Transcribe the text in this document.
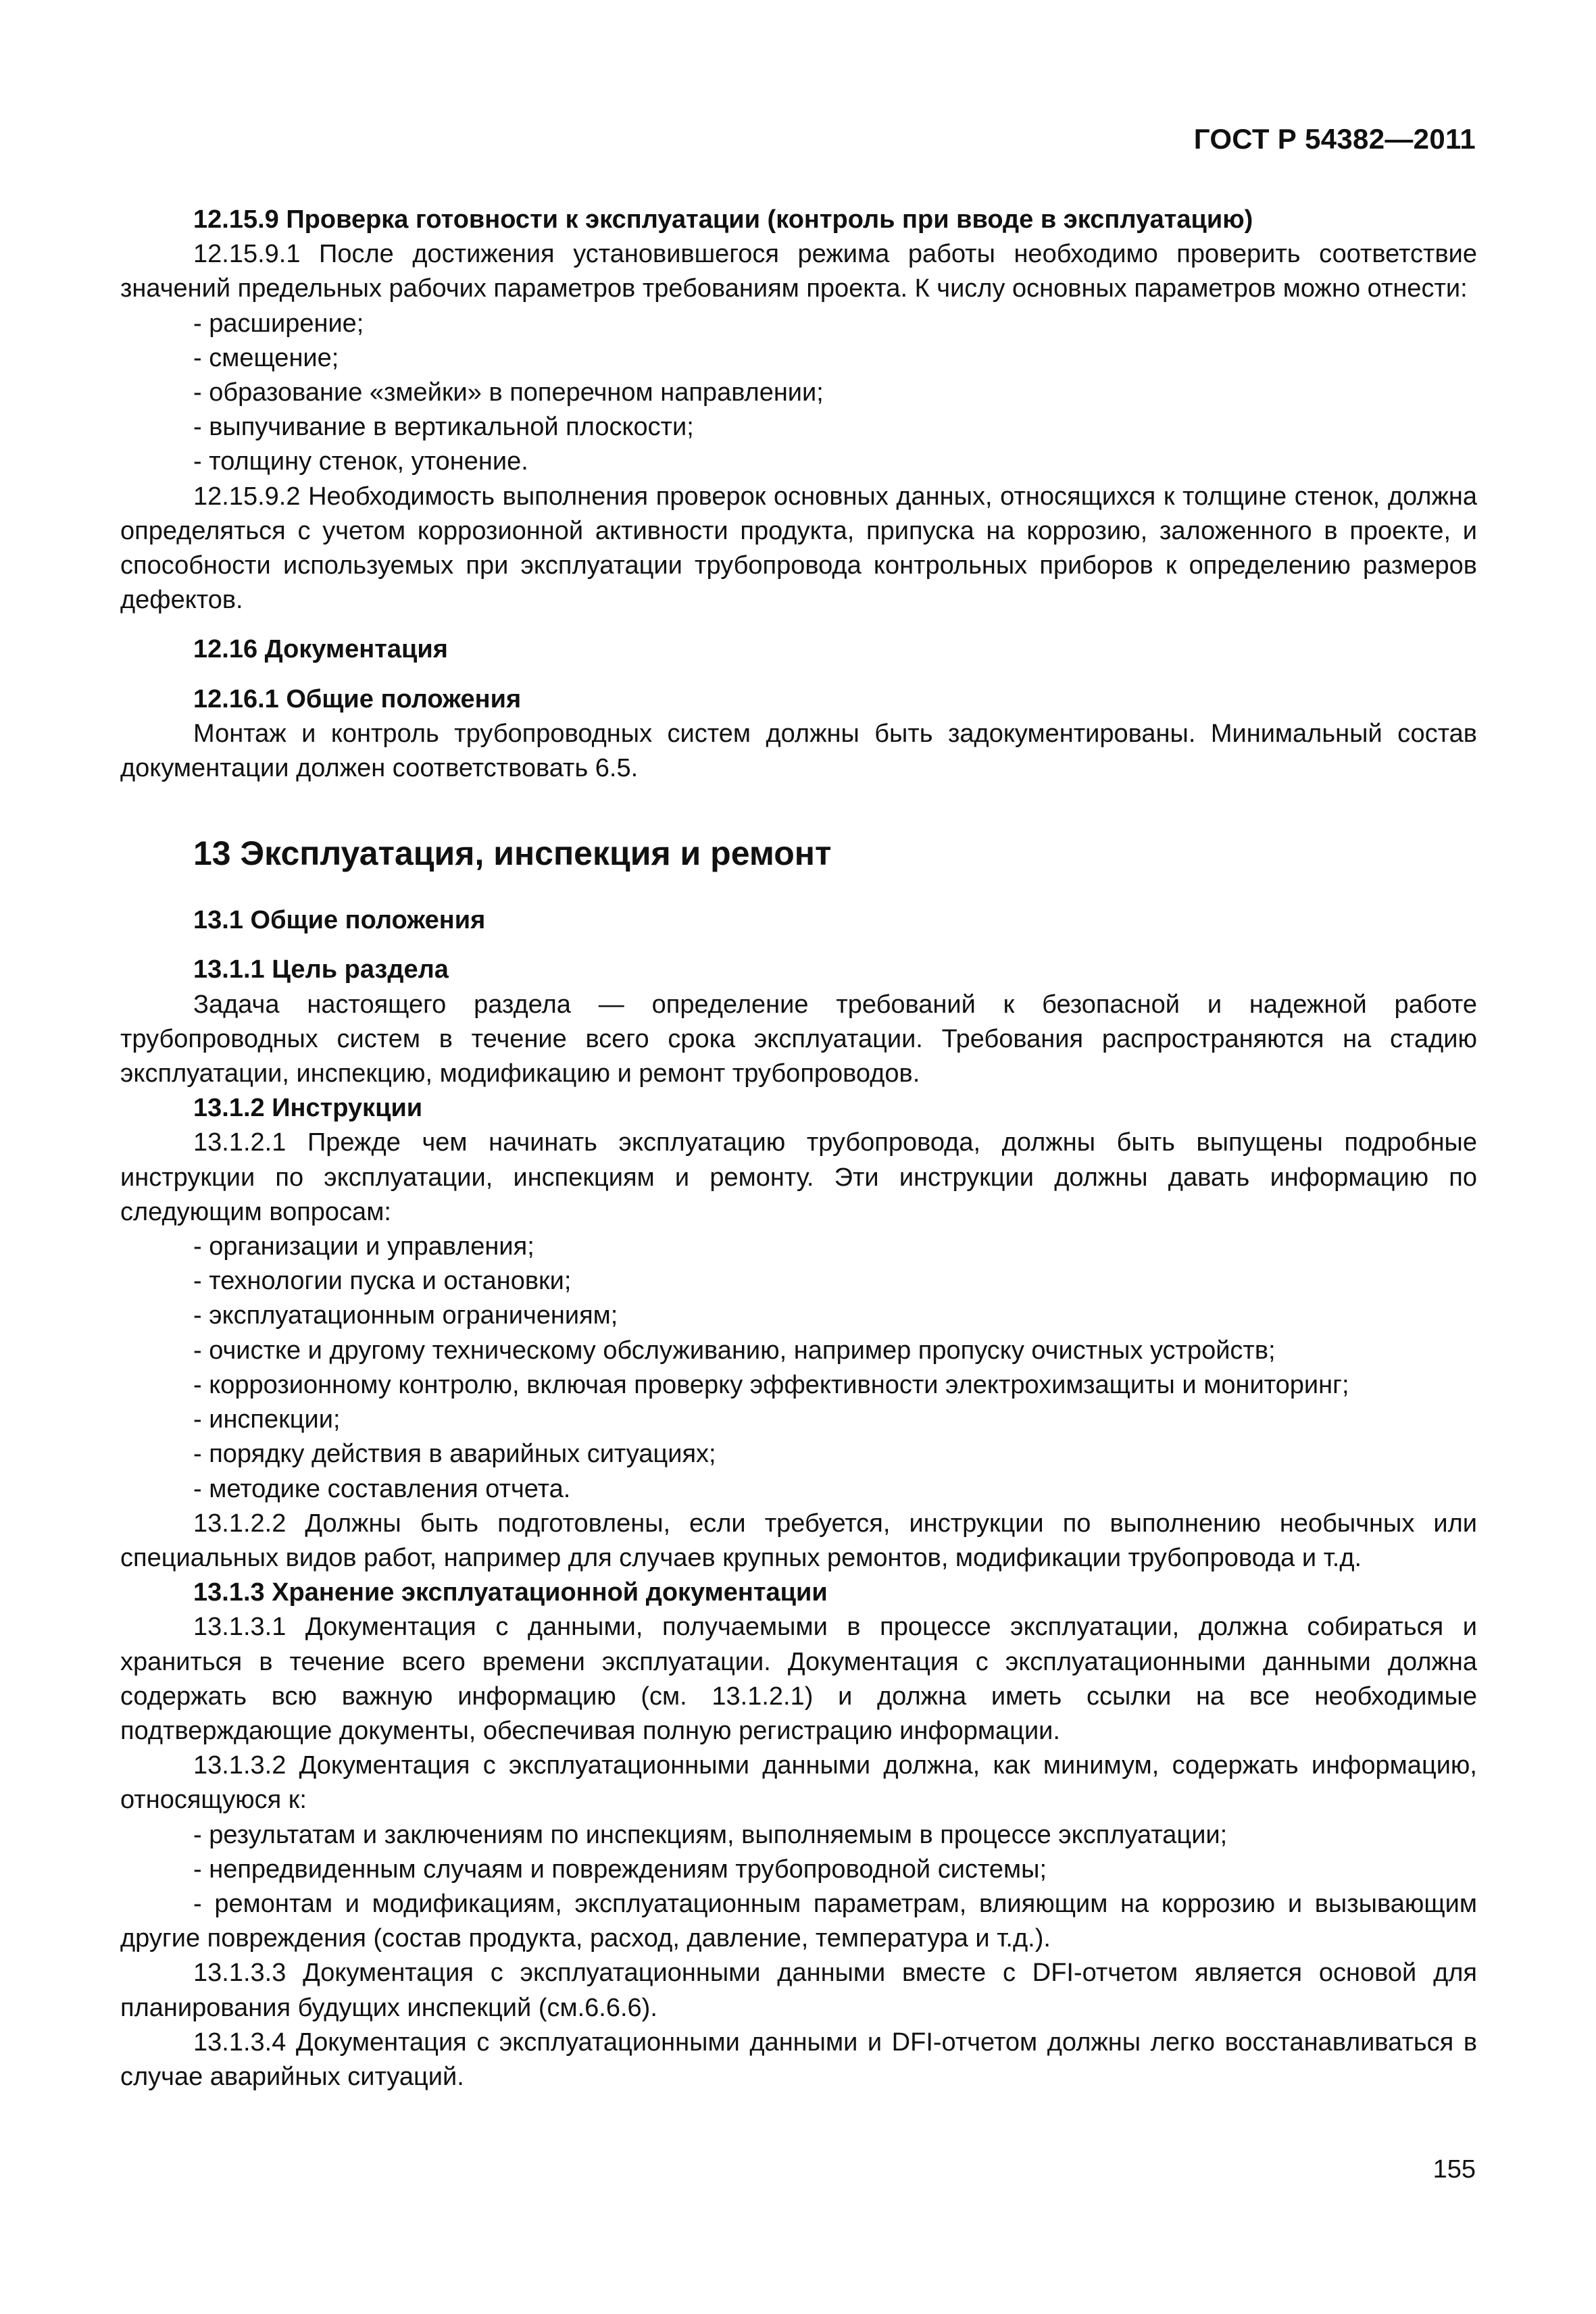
ГОСТ Р 54382—2011
12.15.9 Проверка готовности к эксплуатации (контроль при вводе в эксплуатацию)

12.15.9.1 После достижения установившегося режима работы необходимо проверить соответствие значений предельных рабочих параметров требованиям проекта. К числу основных параметров можно отнести:

- расширение;
- смещение;
- образование «змейки» в поперечном направлении;
- выпучивание в вертикальной плоскости;
- толщину стенок, утонение.

12.15.9.2 Необходимость выполнения проверок основных данных, относящихся к толщине стенок, должна определяться с учетом коррозионной активности продукта, припуска на коррозию, заложенного в проекте, и способности используемых при эксплуатации трубопровода контрольных приборов к определению размеров дефектов.

12.16 Документация
12.16.1 Общие положения

Монтаж и контроль трубопроводных систем должны быть задокументированы. Минимальный состав документации должен соответствовать 6.5.

13 Эксплуатация, инспекция и ремонт
13.1 Общие положения
13.1.1 Цель раздела

Задача настоящего раздела — определение требований к безопасной и надежной работе трубопроводных систем в течение всего срока эксплуатации. Требования распространяются на стадию эксплуатации, инспекцию, модификацию и ремонт трубопроводов.

13.1.2 Инструкции

13.1.2.1 Прежде чем начинать эксплуатацию трубопровода, должны быть выпущены подробные инструкции по эксплуатации, инспекциям и ремонту. Эти инструкции должны давать информацию по следующим вопросам:

- организации и управления;
- технологии пуска и остановки;
- эксплуатационным ограничениям;
- очистке и другому техническому обслуживанию, например пропуску очистных устройств;
- коррозионному контролю, включая проверку эффективности электрохимзащиты и мониторинг;
- инспекции;
- порядку действия в аварийных ситуациях;
- методике составления отчета.

13.1.2.2 Должны быть подготовлены, если требуется, инструкции по выполнению необычных или специальных видов работ, например для случаев крупных ремонтов, модификации трубопровода и т.д.

13.1.3 Хранение эксплуатационной документации

13.1.3.1 Документация с данными, получаемыми в процессе эксплуатации, должна собираться и храниться в течение всего времени эксплуатации. Документация с эксплуатационными данными должна содержать всю важную информацию (см. 13.1.2.1) и должна иметь ссылки на все необходимые подтверждающие документы, обеспечивая полную регистрацию информации.

13.1.3.2 Документация с эксплуатационными данными должна, как минимум, содержать информацию, относящуюся к:

- результатам и заключениям по инспекциям, выполняемым в процессе эксплуатации;
- непредвиденным случаям и повреждениям трубопроводной системы;

- ремонтам и модификациям, эксплуатационным параметрам, влияющим на коррозию и вызывающим другие повреждения (состав продукта, расход, давление, температура и т.д.).

13.1.3.3 Документация с эксплуатационными данными вместе с DFI-отчетом является основой для планирования будущих инспекций (см.6.6.6).

13.1.3.4 Документация с эксплуатационными данными и DFI-отчетом должны легко восстанавливаться в случае аварийных ситуаций.

155
